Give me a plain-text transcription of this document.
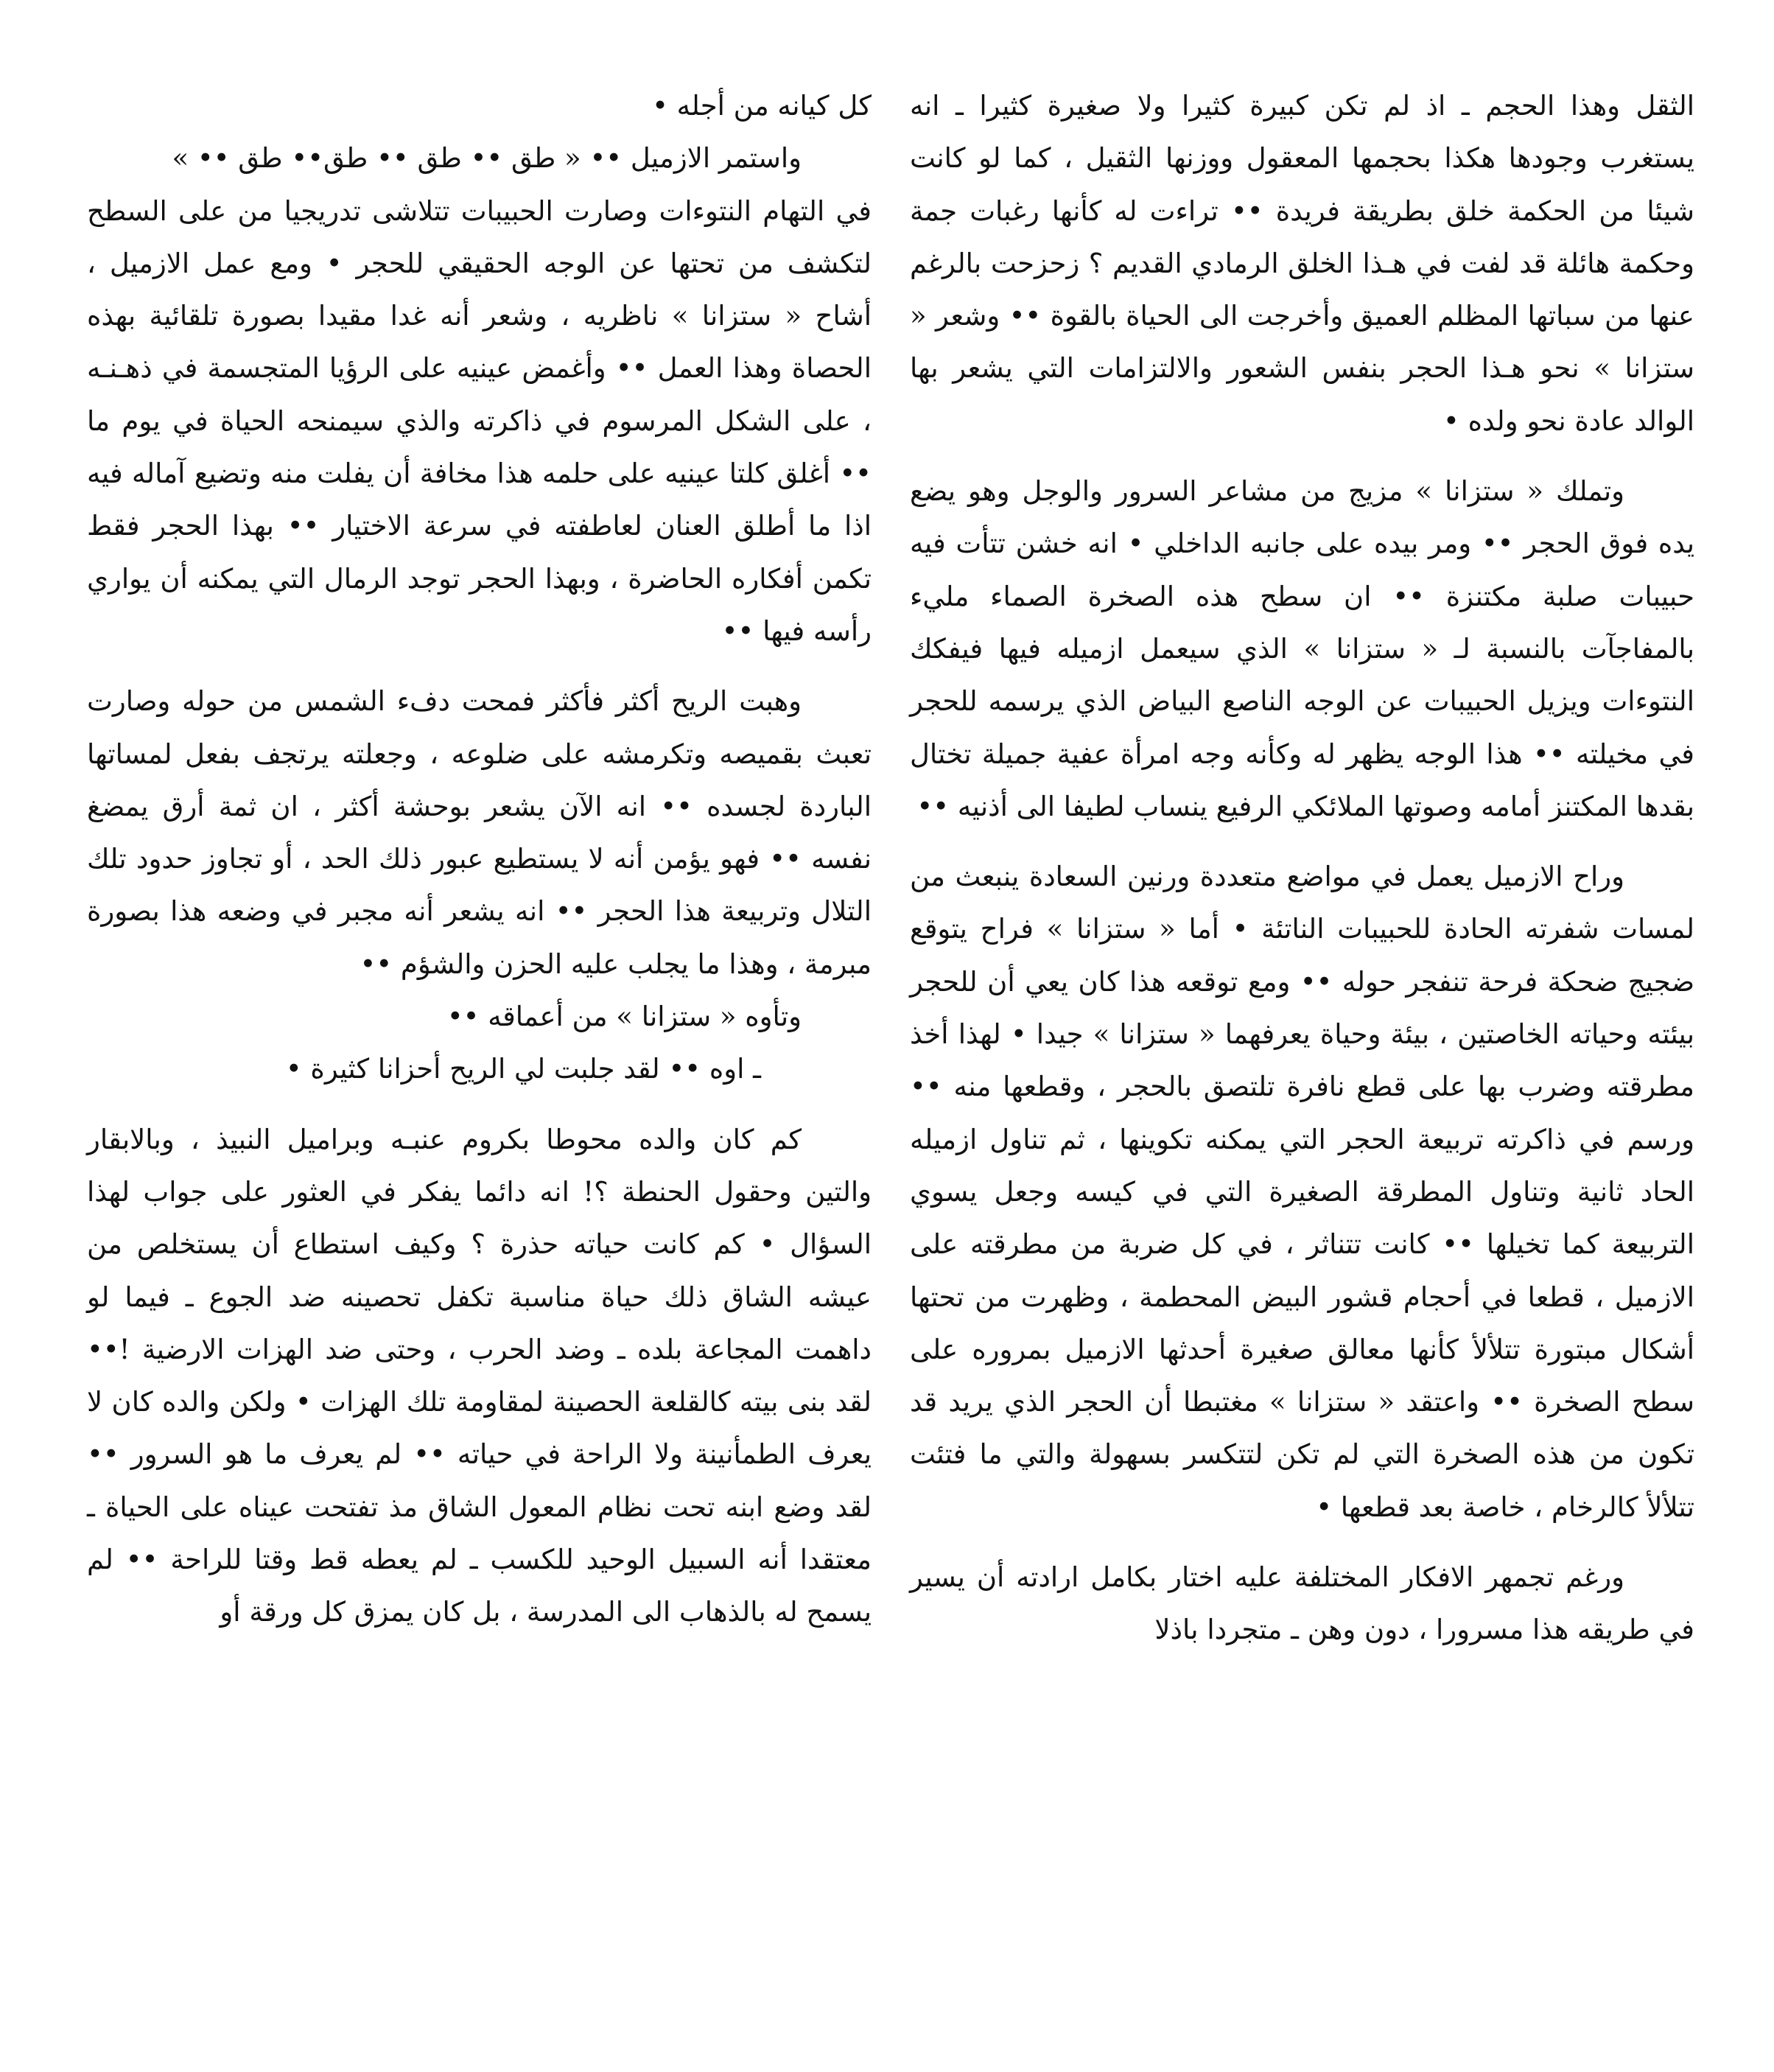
الثقل وهذا الحجم ـ اذ لم تكن كبيرة كثيرا ولا صغيرة كثيرا ـ انه يستغرب وجودها هكذا بحجمها المعقول ووزنها الثقيل ، كما لو كانت شيئا من الحكمة خلق بطريقة فريدة •• تراءت له كأنها رغبات جمة وحكمة هائلة قد لفت في هـذا الخلق الرمادي القديم ؟ زحزحت بالرغم عنها من سباتها المظلم العميق وأخرجت الى الحياة بالقوة •• وشعر « ستزانا » نحو هـذا الحجر بنفس الشعور والالتزامات التي يشعر بها الوالد عادة نحو ولده •

وتملك « ستزانا » مزيج من مشاعر السرور والوجل وهو يضع يده فوق الحجر •• ومر بيده على جانبه الداخلي • انه خشن تتأت فيه حبيبات صلبة مكتنزة •• ان سطح هذه الصخرة الصماء مليء بالمفاجآت بالنسبة لـ « ستزانا » الذي سيعمل ازميله فيها فيفكك النتوءات ويزيل الحبيبات عن الوجه الناصع البياض الذي يرسمه للحجر في مخيلته •• هذا الوجه يظهر له وكأنه وجه امرأة عفية جميلة تختال بقدها المكتنز أمامه وصوتها الملائكي الرفيع ينساب لطيفا الى أذنيه ••

وراح الازميل يعمل في مواضع متعددة ورنين السعادة ينبعث من لمسات شفرته الحادة للحبيبات الناتئة • أما « ستزانا » فراح يتوقع ضجيج ضحكة فرحة تنفجر حوله •• ومع توقعه هذا كان يعي أن للحجر بيئته وحياته الخاصتين ، بيئة وحياة يعرفهما « ستزانا » جيدا • لهذا أخذ مطرقته وضرب بها على قطع نافرة تلتصق بالحجر ، وقطعها منه •• ورسم في ذاكرته تربيعة الحجر التي يمكنه تكوينها ، ثم تناول ازميله الحاد ثانية وتناول المطرقة الصغيرة التي في كيسه وجعل يسوي التربيعة كما تخيلها •• كانت تتناثر ، في كل ضربة من مطرقته على الازميل ، قطعا في أحجام قشور البيض المحطمة ، وظهرت من تحتها أشكال مبتورة تتلألأ كأنها معالق صغيرة أحدثها الازميل بمروره على سطح الصخرة •• واعتقد « ستزانا » مغتبطا أن الحجر الذي يريد قد تكون من هذه الصخرة التي لم تكن لتتكسر بسهولة والتي ما فتئت تتلألأ كالرخام ، خاصة بعد قطعها •

ورغم تجمهر الافكار المختلفة عليه اختار بكامل ارادته أن يسير في طريقه هذا مسرورا ، دون وهن ـ متجردا باذلا

كل كيانه من أجله •

واستمر الازميل •• « طق •• طق •• طق•• طق •• »

في التهام النتوءات وصارت الحبيبات تتلاشى تدريجيا من على السطح لتكشف من تحتها عن الوجه الحقيقي للحجر • ومع عمل الازميل ، أشاح « ستزانا » ناظريه ، وشعر أنه غدا مقيدا بصورة تلقائية بهذه الحصاة وهذا العمل •• وأغمض عينيه على الرؤيا المتجسمة في ذهـنـه ، على الشكل المرسوم في ذاكرته والذي سيمنحه الحياة في يوم ما •• أغلق كلتا عينيه على حلمه هذا مخافة أن يفلت منه وتضيع آماله فيه اذا ما أطلق العنان لعاطفته في سرعة الاختيار •• بهذا الحجر فقط تكمن أفكاره الحاضرة ، وبهذا الحجر توجد الرمال التي يمكنه أن يواري رأسه فيها ••

وهبت الريح أكثر فأكثر فمحت دفء الشمس من حوله وصارت تعبث بقميصه وتكرمشه على ضلوعه ، وجعلته يرتجف بفعل لمساتها الباردة لجسده •• انه الآن يشعر بوحشة أكثر ، ان ثمة أرق يمضغ نفسه •• فهو يؤمن أنه لا يستطيع عبور ذلك الحد ، أو تجاوز حدود تلك التلال وتربيعة هذا الحجر •• انه يشعر أنه مجبر في وضعه هذا بصورة مبرمة ، وهذا ما يجلب عليه الحزن والشؤم ••

وتأوه « ستزانا » من أعماقه ••

ـ اوه •• لقد جلبت لي الريح أحزانا كثيرة •

كم كان والده محوطا بكروم عنبـه وبراميل النبيذ ، وبالابقار والتين وحقول الحنطة ؟! انه دائما يفكر في العثور على جواب لهذا السؤال • كم كانت حياته حذرة ؟ وكيف استطاع أن يستخلص من عيشه الشاق ذلك حياة مناسبة تكفل تحصينه ضد الجوع ـ فيما لو داهمت المجاعة بلده ـ وضد الحرب ، وحتى ضد الهزات الارضية !•• لقد بنى بيته كالقلعة الحصينة لمقاومة تلك الهزات • ولكن والده كان لا يعرف الطمأنينة ولا الراحة في حياته •• لم يعرف ما هو السرور •• لقد وضع ابنه تحت نظام المعول الشاق مذ تفتحت عيناه على الحياة ـ معتقدا أنه السبيل الوحيد للكسب ـ لم يعطه قط وقتا للراحة •• لم يسمح له بالذهاب الى المدرسة ، بل كان يمزق كل ورقة أو
